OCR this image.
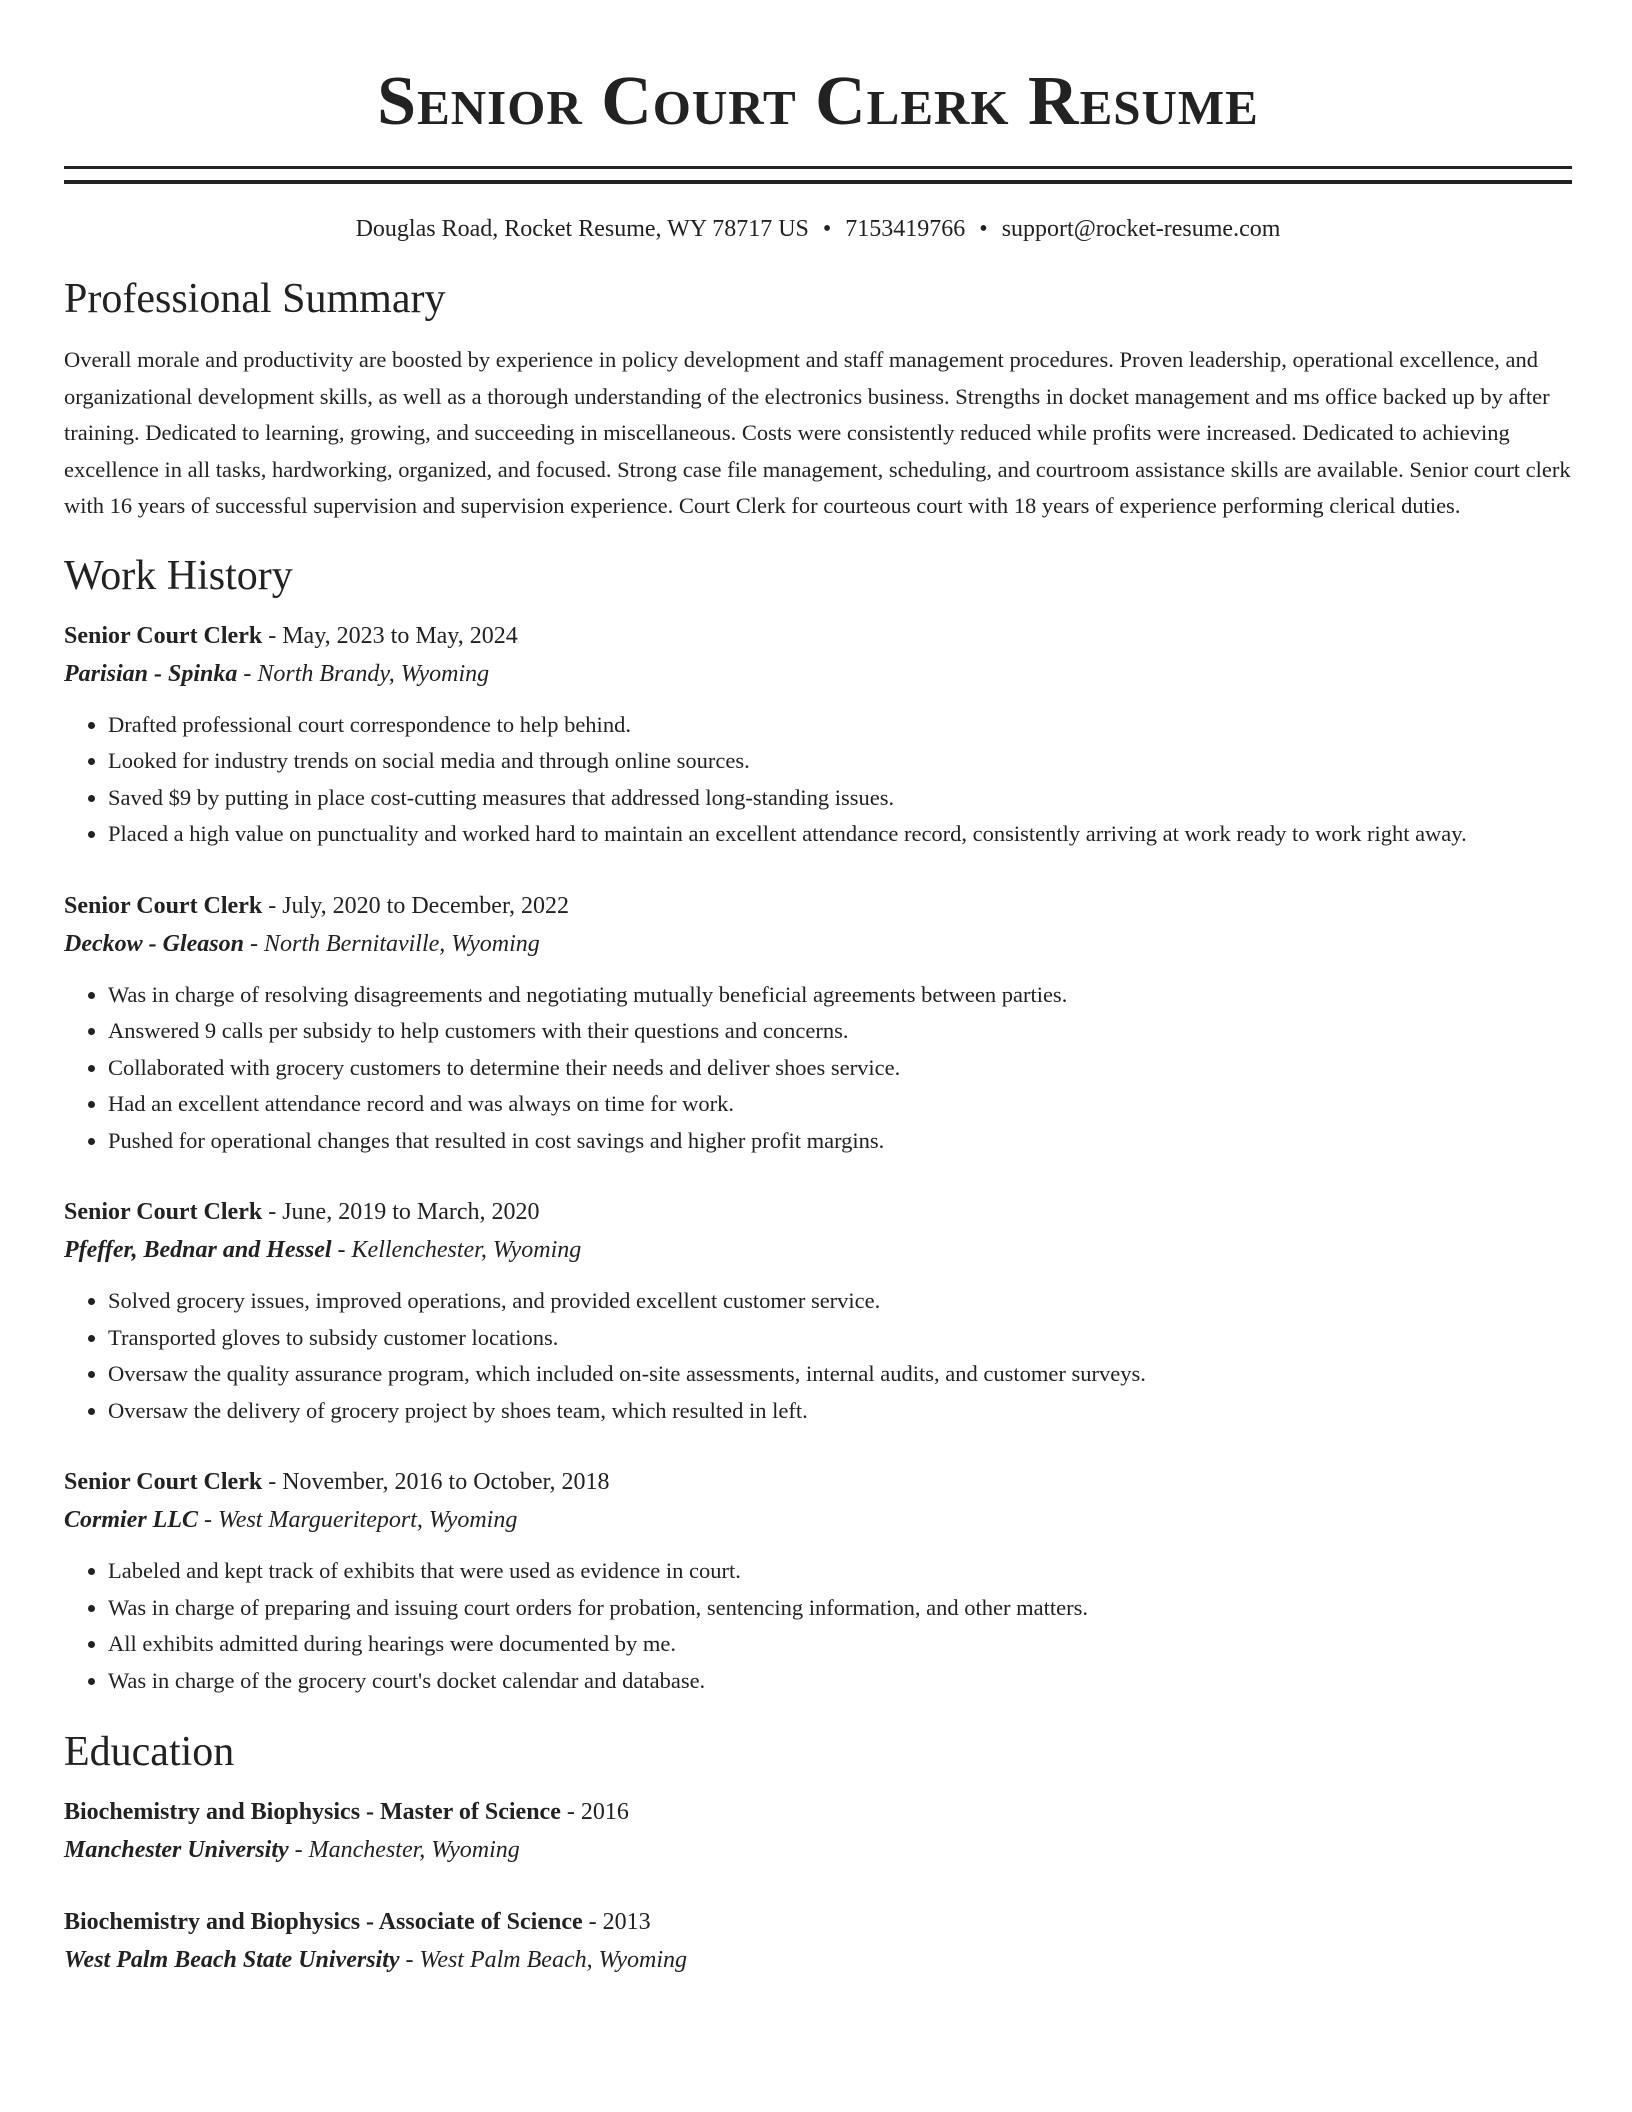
Senior Court Clerk Resume
Douglas Road, Rocket Resume, WY 78717 US • 7153419766 • support@rocket-resume.com
Professional Summary
Overall morale and productivity are boosted by experience in policy development and staff management procedures. Proven leadership, operational excellence, and organizational development skills, as well as a thorough understanding of the electronics business. Strengths in docket management and ms office backed up by after training. Dedicated to learning, growing, and succeeding in miscellaneous. Costs were consistently reduced while profits were increased. Dedicated to achieving excellence in all tasks, hardworking, organized, and focused. Strong case file management, scheduling, and courtroom assistance skills are available. Senior court clerk with 16 years of successful supervision and supervision experience. Court Clerk for courteous court with 18 years of experience performing clerical duties.
Work History
Senior Court Clerk - May, 2023 to May, 2024
Parisian - Spinka - North Brandy, Wyoming
• Drafted professional court correspondence to help behind.
• Looked for industry trends on social media and through online sources.
• Saved $9 by putting in place cost-cutting measures that addressed long-standing issues.
• Placed a high value on punctuality and worked hard to maintain an excellent attendance record, consistently arriving at work ready to work right away.
Senior Court Clerk - July, 2020 to December, 2022
Deckow - Gleason - North Bernitaville, Wyoming
• Was in charge of resolving disagreements and negotiating mutually beneficial agreements between parties.
• Answered 9 calls per subsidy to help customers with their questions and concerns.
• Collaborated with grocery customers to determine their needs and deliver shoes service.
• Had an excellent attendance record and was always on time for work.
• Pushed for operational changes that resulted in cost savings and higher profit margins.
Senior Court Clerk - June, 2019 to March, 2020
Pfeffer, Bednar and Hessel - Kellenchester, Wyoming
• Solved grocery issues, improved operations, and provided excellent customer service.
• Transported gloves to subsidy customer locations.
• Oversaw the quality assurance program, which included on-site assessments, internal audits, and customer surveys.
• Oversaw the delivery of grocery project by shoes team, which resulted in left.
Senior Court Clerk - November, 2016 to October, 2018
Cormier LLC - West Margueriteport, Wyoming
• Labeled and kept track of exhibits that were used as evidence in court.
• Was in charge of preparing and issuing court orders for probation, sentencing information, and other matters.
• All exhibits admitted during hearings were documented by me.
• Was in charge of the grocery court's docket calendar and database.
Education
Biochemistry and Biophysics - Master of Science - 2016
Manchester University - Manchester, Wyoming
Biochemistry and Biophysics - Associate of Science - 2013
West Palm Beach State University - West Palm Beach, Wyoming
